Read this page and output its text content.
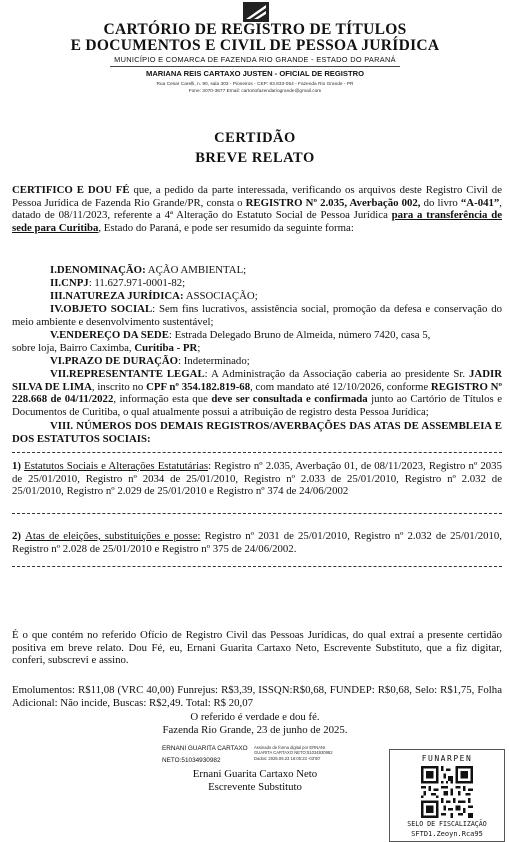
CARTÓRIO DE REGISTRO DE TÍTULOS
E DOCUMENTOS E CIVIL DE PESSOA JURÍDICA
MUNICÍPIO E COMARCA DE FAZENDA RIO GRANDE - ESTADO DO PARANÁ
MARIANA REIS CARTAXO JUSTEN - OFICIAL DE REGISTRO
Rua Cesar Carelli, n. 90, sala 303 - Pioneiros - CEP: 83.833-054 - Fazenda Rio Grande - PR
Fone: 3070-3677 Email: cartoriofazendariogrande@gmail.com
CERTIDÃO
BREVE RELATO
CERTIFICO E DOU FÉ que, a pedido da parte interessada, verificando os arquivos deste Registro Civil de Pessoa Jurídica de Fazenda Rio Grande/PR, consta o REGISTRO Nº 2.035, Averbação 002, do livro “A-041”, datado de 08/11/2023, referente a 4ª Alteração do Estatuto Social de Pessoa Jurídica para a transferência de sede para Curitiba, Estado do Paraná, e pode ser resumido da seguinte forma:
I.DENOMINAÇÃO: AÇÃO AMBIENTAL;
II.CNPJ: 11.627.971-0001-82;
III.NATUREZA JURÍDICA: ASSOCIAÇÃO;
IV.OBJETO SOCIAL: Sem fins lucrativos, assistência social, promoção da defesa e conservação do meio ambiente e desenvolvimento sustentável;
V.ENDEREÇO DA SEDE: Estrada Delegado Bruno de Almeida, número 7420, casa 5,
sobre loja, Bairro Caximba, Curitiba - PR;
VI.PRAZO DE DURAÇÃO: Indeterminado;
VII.REPRESENTANTE LEGAL: A Administração da Associação caberia ao presidente Sr. JADIR SILVA DE LIMA, inscrito no CPF nº 354.182.819-68, com mandato até 12/10/2026, conforme REGISTRO Nº 228.668 de 04/11/2022, informação esta que deve ser consultada e confirmada junto ao Cartório de Títulos e Documentos de Curitiba, o qual atualmente possui a atribuição de registro desta Pessoa Jurídica;
VIII. NÚMEROS DOS DEMAIS REGISTROS/AVERBAÇÕES DAS ATAS DE ASSEMBLEIA E DOS ESTATUTOS SOCIAIS:
1) Estatutos Sociais e Alterações Estatutárias: Registro nº 2.035, Averbação 01, de 08/11/2023, Registro nº 2035 de 25/01/2010, Registro nº 2034 de 25/01/2010, Registro nº 2.033 de 25/01/2010, Registro nº 2.032 de 25/01/2010, Registro nº 2.029 de 25/01/2010 e Registro nº 374 de 24/06/2002
2) Atas de eleições, substituições e posse: Registro nº 2031 de 25/01/2010, Registro nº 2.032 de 25/01/2010, Registro nº 2.028 de 25/01/2010 e Registro nº 375 de 24/06/2002.
É o que contém no referido Ofício de Registro Civil das Pessoas Jurídicas, do qual extraí a presente certidão positiva em breve relato. Dou Fé, eu, Ernani Guarita Cartaxo Neto, Escrevente Substituto, que a fiz digitar, conferi, subscrevi e assino.
Emolumentos: R$11,08 (VRC 40,00) Funrejus: R$3,39, ISSQN:R$0,68, FUNDEP: R$0,68, Selo: R$1,75, Folha Adicional: Não incide, Buscas: R$2,49. Total: R$ 20,07
O referido é verdade e dou fé.
Fazenda Rio Grande, 23 de junho de 2025.
ERNANI GUARITA CARTAXO
NETO:51034930982
Assinado de forma digital por ERNANI
GUARITA CARTAXO NETO:51034930982
Dados: 2025.06.23 16:05:23 -03'00'
Ernani Guarita Cartaxo Neto
Escrevente Substituto
FUNARPEN
SELO DE FISCALIZAÇÃO
SFTD1.Zeoyn.Rca95
